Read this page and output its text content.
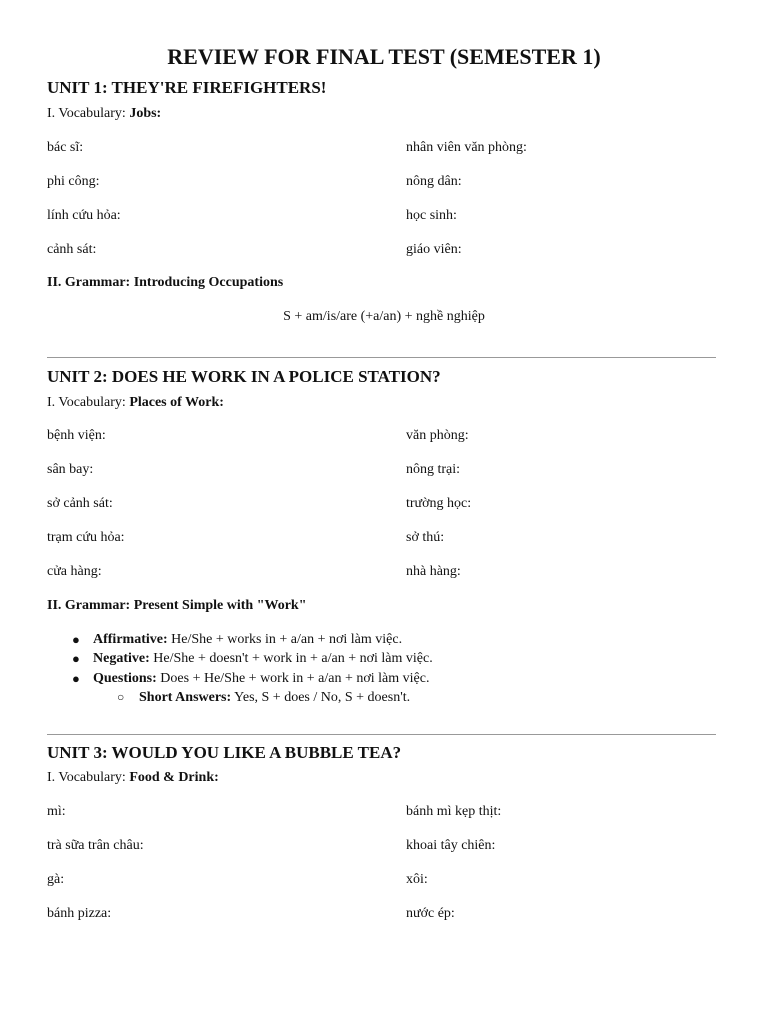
REVIEW FOR FINAL TEST (SEMESTER 1)
UNIT 1: THEY'RE FIREFIGHTERS!

I. Vocabulary: Jobs:

bác sĩ:	nhân viên văn phòng:
phi công:	nông dân:
lính cứu hỏa:	học sinh:
cảnh sát:	giáo viên:

II. Grammar: Introducing Occupations

S + am/is/are (+a/an) + nghề nghiệp

UNIT 2: DOES HE WORK IN A POLICE STATION?

I. Vocabulary: Places of Work:

bệnh viện:	văn phòng:
sân bay:	nông trại:
sở cảnh sát:	trường học:
trạm cứu hỏa:	sở thú:
cửa hàng:	nhà hàng:

II. Grammar: Present Simple with "Work"

● Affirmative: He/She + works in + a/an + nơi làm việc.
● Negative: He/She + doesn't + work in + a/an + nơi làm việc.
● Questions: Does + He/She + work in + a/an + nơi làm việc.
○ Short Answers: Yes, S + does / No, S + doesn't.
UNIT 3: WOULD YOU LIKE A BUBBLE TEA?

I. Vocabulary: Food & Drink:

mì:	bánh mì kẹp thịt:
trà sữa trân châu:	khoai tây chiên:
gà:	xôi:
bánh pizza:	nước ép:
